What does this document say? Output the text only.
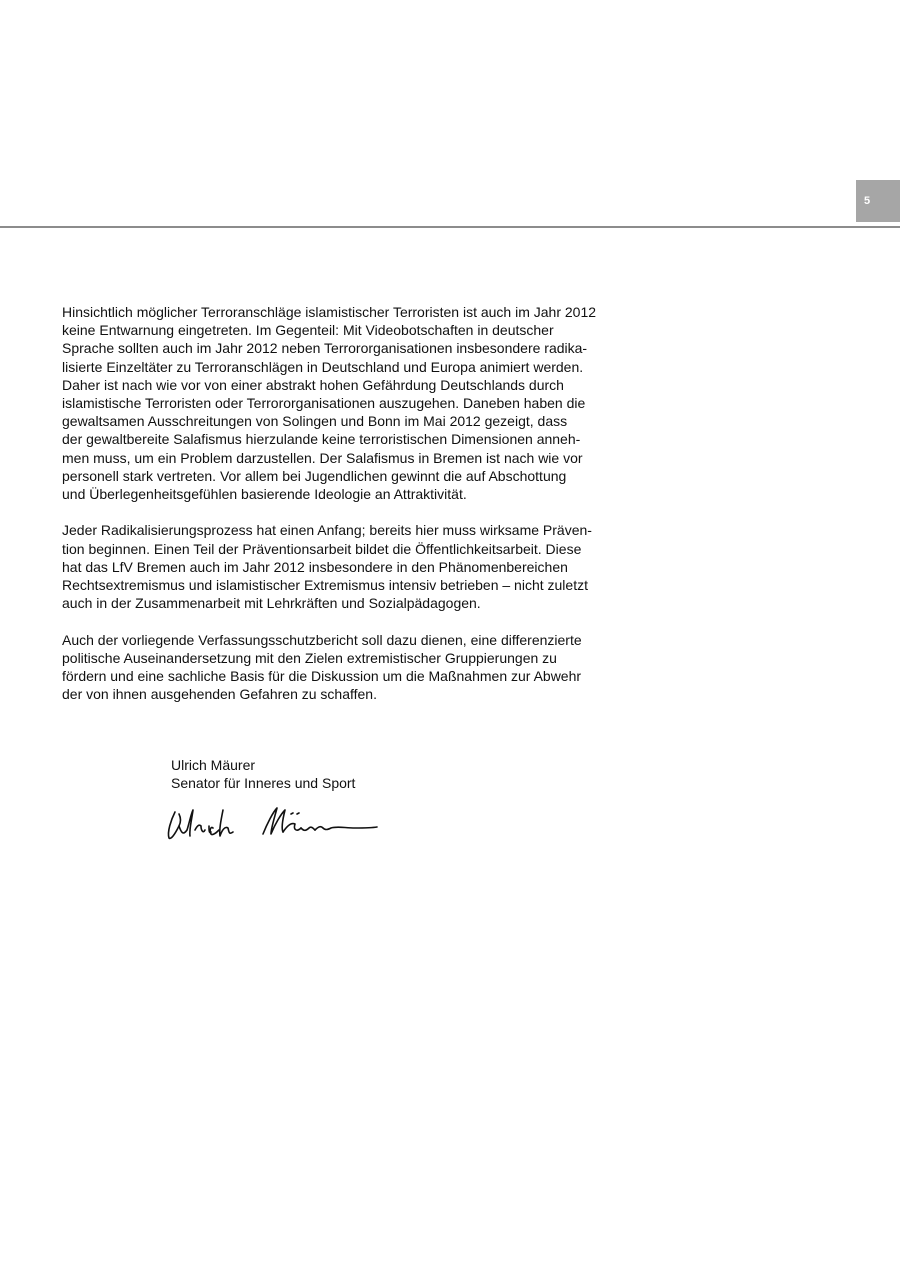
5

Hinsichtlich möglicher Terroranschläge islamistischer Terroristen ist auch im Jahr 2012
keine Entwarnung eingetreten. Im Gegenteil: Mit Videobotschaften in deutscher
Sprache sollten auch im Jahr 2012 neben Terrororganisationen insbesondere radika-
lisierte Einzeltäter zu Terroranschlägen in Deutschland und Europa animiert werden.
Daher ist nach wie vor von einer abstrakt hohen Gefährdung Deutschlands durch
islamistische Terroristen oder Terrororganisationen auszugehen. Daneben haben die
gewaltsamen Ausschreitungen von Solingen und Bonn im Mai 2012 gezeigt, dass
der gewaltbereite Salafismus hierzulande keine terroristischen Dimensionen anneh-
men muss, um ein Problem darzustellen. Der Salafismus in Bremen ist nach wie vor
personell stark vertreten. Vor allem bei Jugendlichen gewinnt die auf Abschottung
und Überlegenheitsgefühlen basierende Ideologie an Attraktivität.

Jeder Radikalisierungsprozess hat einen Anfang; bereits hier muss wirksame Präven-
tion beginnen. Einen Teil der Präventionsarbeit bildet die Öffentlichkeitsarbeit. Diese
hat das LfV Bremen auch im Jahr 2012 insbesondere in den Phänomenbereichen
Rechtsextremismus und islamistischer Extremismus intensiv betrieben – nicht zuletzt
auch in der Zusammenarbeit mit Lehrkräften und Sozialpädagogen.

Auch der vorliegende Verfassungsschutzbericht soll dazu dienen, eine differenzierte
politische Auseinandersetzung mit den Zielen extremistischer Gruppierungen zu
fördern und eine sachliche Basis für die Diskussion um die Maßnahmen zur Abwehr
der von ihnen ausgehenden Gefahren zu schaffen.

Ulrich Mäurer
Senator für Inneres und Sport
